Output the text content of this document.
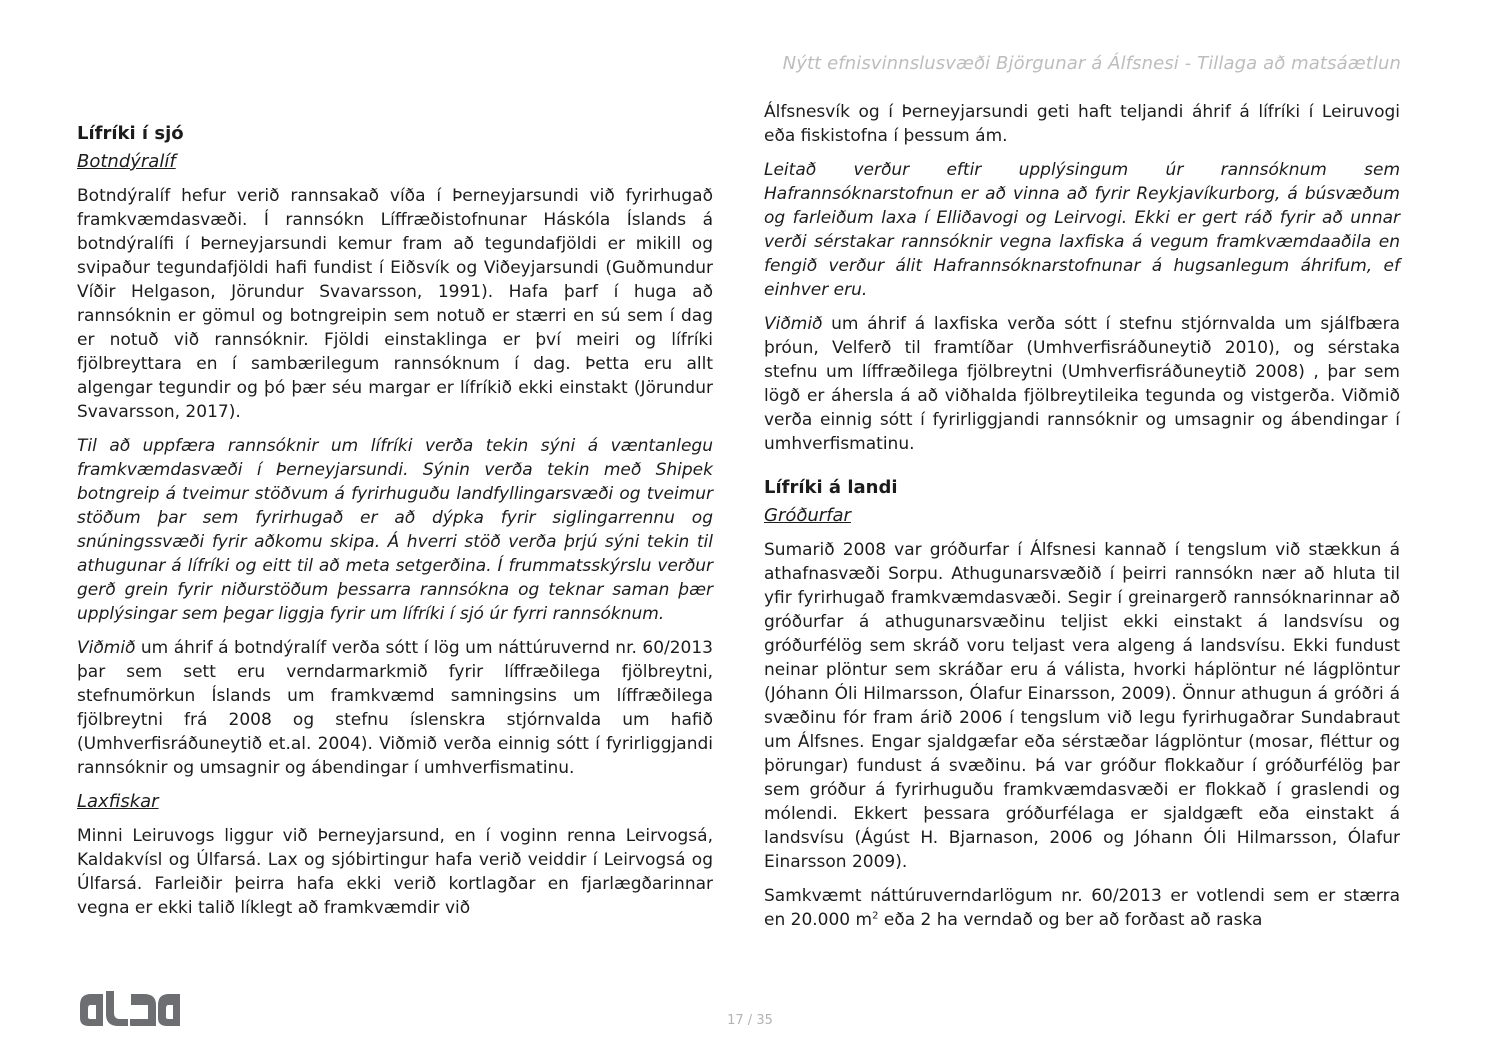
Nýtt efnisvinnslusvæði Björgunar á Álfsnesi - Tillaga að matsáætlun
Lífríki í sjó
Botndýralíf

Botndýralíf hefur verið rannsakað víða í Þerneyjarsundi við fyrirhugað framkvæmdasvæði. Í rannsókn Líffræðistofnunar Háskóla Íslands á botndýralífi í Þerneyjarsundi kemur fram að tegundafjöldi er mikill og svipaður tegundafjöldi hafi fundist í Eiðsvík og Viðeyjarsundi (Guðmundur Víðir Helgason, Jörundur Svavarsson, 1991). Hafa þarf í huga að rannsóknin er gömul og botngreipin sem notuð er stærri en sú sem í dag er notuð við rannsóknir. Fjöldi einstaklinga er því meiri og lífríki fjölbreyttara en í sambærilegum rannsóknum í dag. Þetta eru allt algengar tegundir og þó þær séu margar er lífríkið ekki einstakt (Jörundur Svavarsson, 2017).

Til að uppfæra rannsóknir um lífríki verða tekin sýni á væntanlegu framkvæmdasvæði í Þerneyjarsundi. Sýnin verða tekin með Shipek botngreip á tveimur stöðvum á fyrirhuguðu landfyllingarsvæði og tveimur stöðum þar sem fyrirhugað er að dýpka fyrir siglingarrennu og snúningssvæði fyrir aðkomu skipa. Á hverri stöð verða þrjú sýni tekin til athugunar á lífríki og eitt til að meta setgerðina. Í frummatsskýrslu verður gerð grein fyrir niðurstöðum þessarra rannsókna og teknar saman þær upplýsingar sem þegar liggja fyrir um lífríki í sjó úr fyrri rannsóknum.

Viðmið um áhrif á botndýralíf verða sótt í lög um náttúruvernd nr. 60/2013 þar sem sett eru verndarmarkmið fyrir líffræðilega fjölbreytni, stefnumörkun Íslands um framkvæmd samningsins um líffræðilega fjölbreytni frá 2008 og stefnu íslenskra stjórnvalda um hafið (Umhverfisráðuneytið et.al. 2004). Viðmið verða einnig sótt í fyrirliggjandi rannsóknir og umsagnir og ábendingar í umhverfismatinu.

Laxfiskar

Minni Leiruvogs liggur við Þerneyjarsund, en í voginn renna Leirvogsá, Kaldakvísl og Úlfarsá. Lax og sjóbirtingur hafa verið veiddir í Leirvogsá og Úlfarsá. Farleiðir þeirra hafa ekki verið kortlagðar en fjarlægðarinnar vegna er ekki talið líklegt að framkvæmdir við

Álfsnesvík og í Þerneyjarsundi geti haft teljandi áhrif á lífríki í Leiruvogi eða fiskistofna í þessum ám.

Leitað verður eftir upplýsingum úr rannsóknum sem Hafrannsóknarstofnun er að vinna að fyrir Reykjavíkurborg, á búsvæðum og farleiðum laxa í Elliðavogi og Leirvogi. Ekki er gert ráð fyrir að unnar verði sérstakar rannsóknir vegna laxfiska á vegum framkvæmdaaðila en fengið verður álit Hafrannsóknarstofnunar á hugsanlegum áhrifum, ef einhver eru.

Viðmið um áhrif á laxfiska verða sótt í stefnu stjórnvalda um sjálfbæra þróun, Velferð til framtíðar (Umhverfisráðuneytið 2010), og sérstaka stefnu um líffræðilega fjölbreytni (Umhverfisráðuneytið 2008) , þar sem lögð er áhersla á að viðhalda fjölbreytileika tegunda og vistgerða. Viðmið verða einnig sótt í fyrirliggjandi rannsóknir og umsagnir og ábendingar í umhverfismatinu.

Lífríki á landi
Gróðurfar

Sumarið 2008 var gróðurfar í Álfsnesi kannað í tengslum við stækkun á athafnasvæði Sorpu. Athugunarsvæðið í þeirri rannsókn nær að hluta til yfir fyrirhugað framkvæmdasvæði. Segir í greinargerð rannsóknarinnar að gróðurfar á athugunarsvæðinu teljist ekki einstakt á landsvísu og gróðurfélög sem skráð voru teljast vera algeng á landsvísu. Ekki fundust neinar plöntur sem skráðar eru á válista, hvorki háplöntur né lágplöntur (Jóhann Óli Hilmarsson, Ólafur Einarsson, 2009). Önnur athugun á gróðri á svæðinu fór fram árið 2006 í tengslum við legu fyrirhugaðrar Sundabraut um Álfsnes. Engar sjaldgæfar eða sérstæðar lágplöntur (mosar, fléttur og þörungar) fundust á svæðinu. Þá var gróður flokkaður í gróðurfélög þar sem gróður á fyrirhuguðu framkvæmdasvæði er flokkað í graslendi og mólendi. Ekkert þessara gróðurfélaga er sjaldgæft eða einstakt á landsvísu (Ágúst H. Bjarnason, 2006 og Jóhann Óli Hilmarsson, Ólafur Einarsson 2009).

Samkvæmt náttúruverndarlögum nr. 60/2013 er votlendi sem er stærra en 20.000 $m^2$ eða 2 ha verndað og ber að forðast að raska

17 / 35
